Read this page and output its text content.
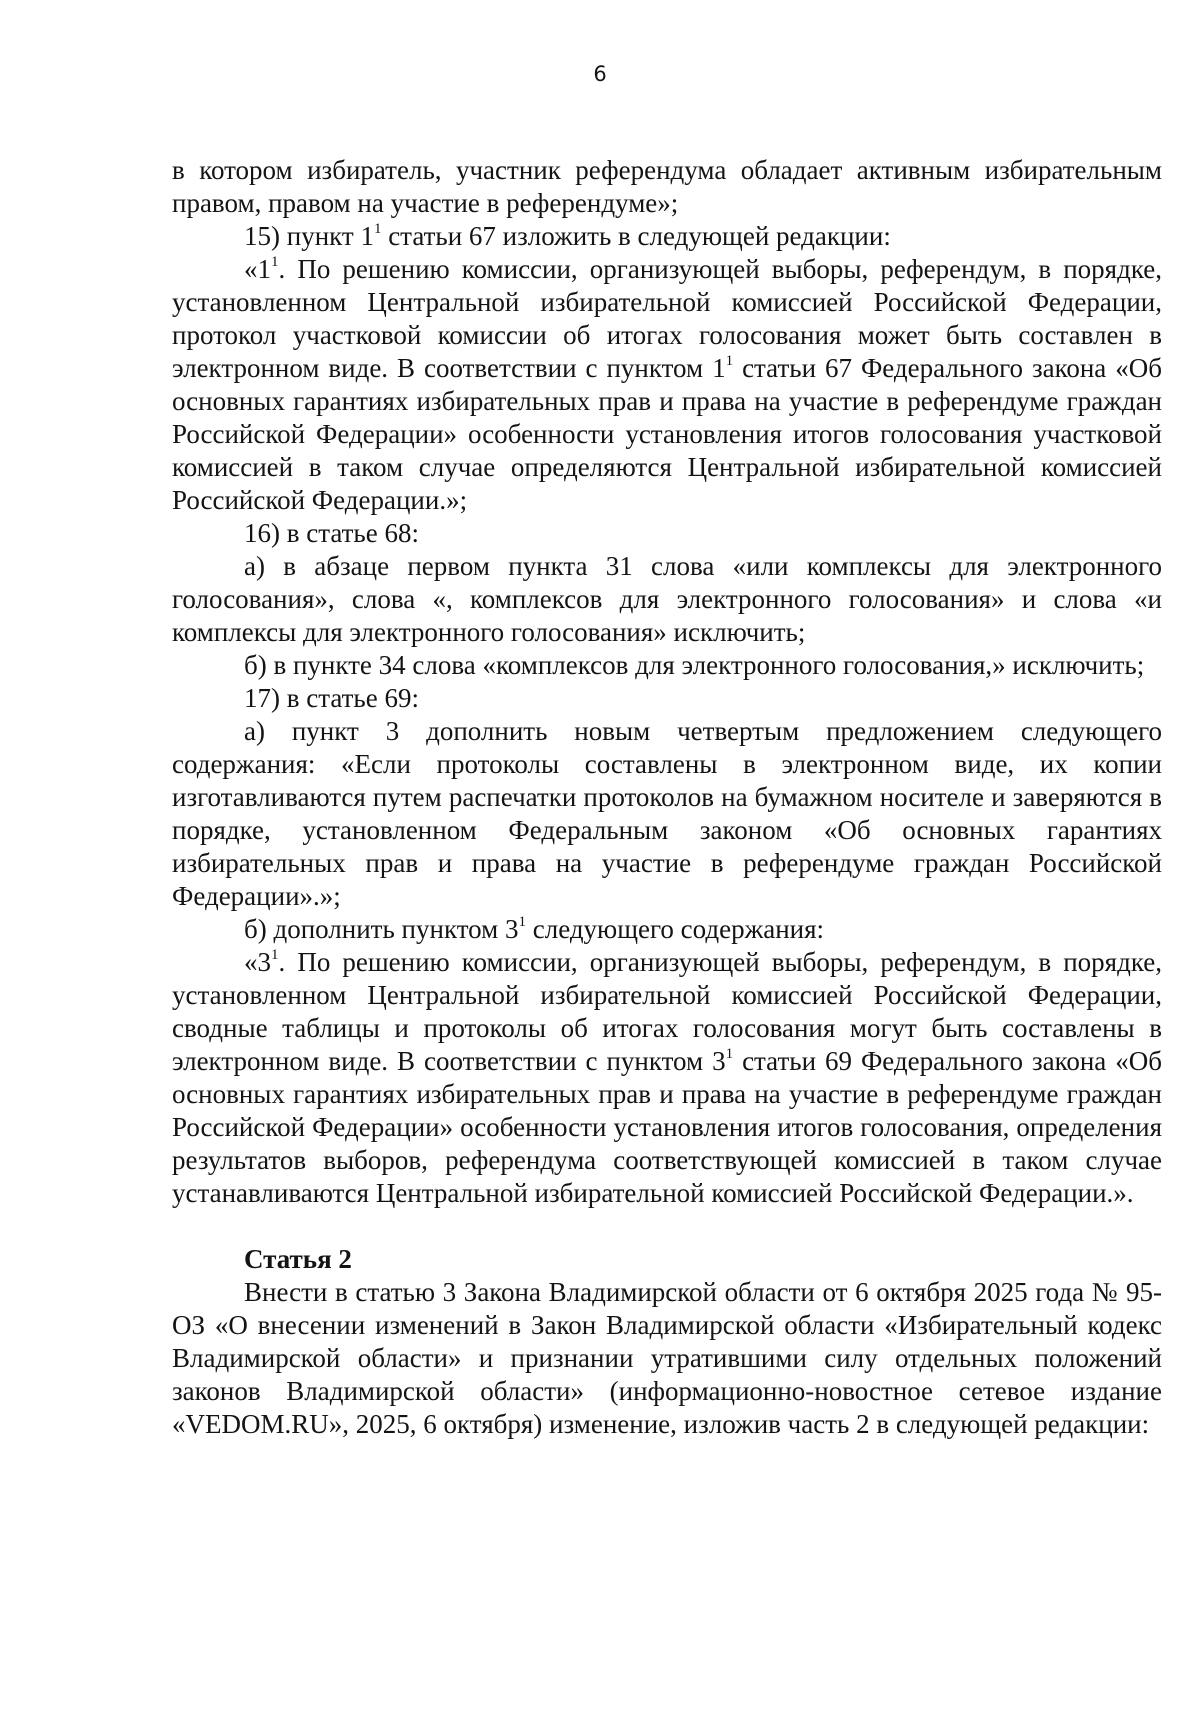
6

в котором избиратель, участник референдума обладает активным избирательным правом, правом на участие в референдуме»;

15) пункт $1^1$ статьи 67 изложить в следующей редакции:

«$1^1$. По решению комиссии, организующей выборы, референдум, в порядке, установленном Центральной избирательной комиссией Российской Федерации, протокол участковой комиссии об итогах голосования может быть составлен в электронном виде. В соответствии с пунктом $1^1$ статьи 67 Федерального закона «Об основных гарантиях избирательных прав и права на участие в референдуме граждан Российской Федерации» особенности установления итогов голосования участковой комиссией в таком случае определяются Центральной избирательной комиссией Российской Федерации.»;

16) в статье 68:

а) в абзаце первом пункта 31 слова «или комплексы для электронного голосования», слова «, комплексов для электронного голосования» и слова «и комплексы для электронного голосования» исключить;

б) в пункте 34 слова «комплексов для электронного голосования,» исключить;

17) в статье 69:

а) пункт 3 дополнить новым четвертым предложением следующего содержания: «Если протоколы составлены в электронном виде, их копии изготавливаются путем распечатки протоколов на бумажном носителе и заверяются в порядке, установленном Федеральным законом «Об основных гарантиях избирательных прав и права на участие в референдуме граждан Российской Федерации».»;

б) дополнить пунктом $3^1$ следующего содержания:

«$3^1$. По решению комиссии, организующей выборы, референдум, в порядке, установленном Центральной избирательной комиссией Российской Федерации, сводные таблицы и протоколы об итогах голосования могут быть составлены в электронном виде. В соответствии с пунктом $3^1$ статьи 69 Федерального закона «Об основных гарантиях избирательных прав и права на участие в референдуме граждан Российской Федерации» особенности установления итогов голосования, определения результатов выборов, референдума соответствующей комиссией в таком случае устанавливаются Центральной избирательной комиссией Российской Федерации.».

Статья 2

Внести в статью 3 Закона Владимирской области от 6 октября 2025 года № 95-ОЗ «О внесении изменений в Закон Владимирской области «Избирательный кодекс Владимирской области» и признании утратившими силу отдельных положений законов Владимирской области» (информационно-новостное сетевое издание «VEDOM.RU», 2025, 6 октября) изменение, изложив часть 2 в следующей редакции:
